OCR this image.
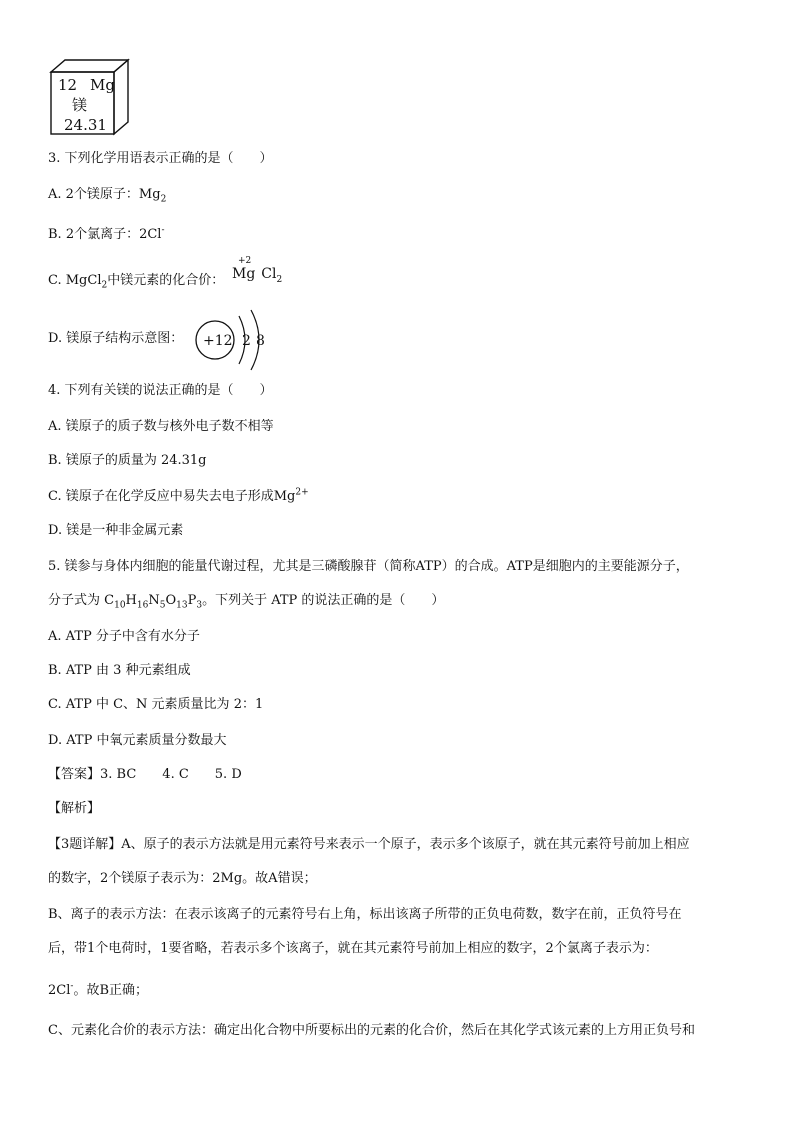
12 Mg
镁
24.31
3. 下列化学用语表示正确的是（　　）
A. 2个镁原子：$Mg_2$
B. 2个氯离子：2Cl-
C. MgCl$_2$中镁元素的化合价：
+2
Mg $Cl_2$
D. 镁原子结构示意图： +12 2 8
4. 下列有关镁的说法正确的是（　　）
A. 镁原子的质子数与核外电子数不相等
B. 镁原子的质量为 24.31g
C. 镁原子在化学反应中易失去电子形成$Mg^{2+}$
D. 镁是一种非金属元素
5. 镁参与身体内细胞的能量代谢过程，尤其是三磷酸腺苷（简称ATP）的合成。ATP是细胞内的主要能源分子，
分子式为 $C_{10}H_{16}N_5O_{13}P_3$。下列关于 ATP 的说法正确的是（　　）
A. ATP 分子中含有水分子
B. ATP 由 3 种元素组成
C. ATP 中 C、N 元素质量比为 2：1
D. ATP 中氧元素质量分数最大
【答案】3. BC 4. C 5. D
【解析】
【3题详解】A、原子的表示方法就是用元素符号来表示一个原子，表示多个该原子，就在其元素符号前加上相应
的数字，2个镁原子表示为：2Mg。故A错误；
B、离子的表示方法：在表示该离子的元素符号右上角，标出该离子所带的正负电荷数，数字在前，正负符号在
后，带1个电荷时，1要省略，若表示多个该离子，就在其元素符号前加上相应的数字，2个氯离子表示为：
2Cl-。故B正确；
C、元素化合价的表示方法：确定出化合物中所要标出的元素的化合价，然后在其化学式该元素的上方用正负号和
